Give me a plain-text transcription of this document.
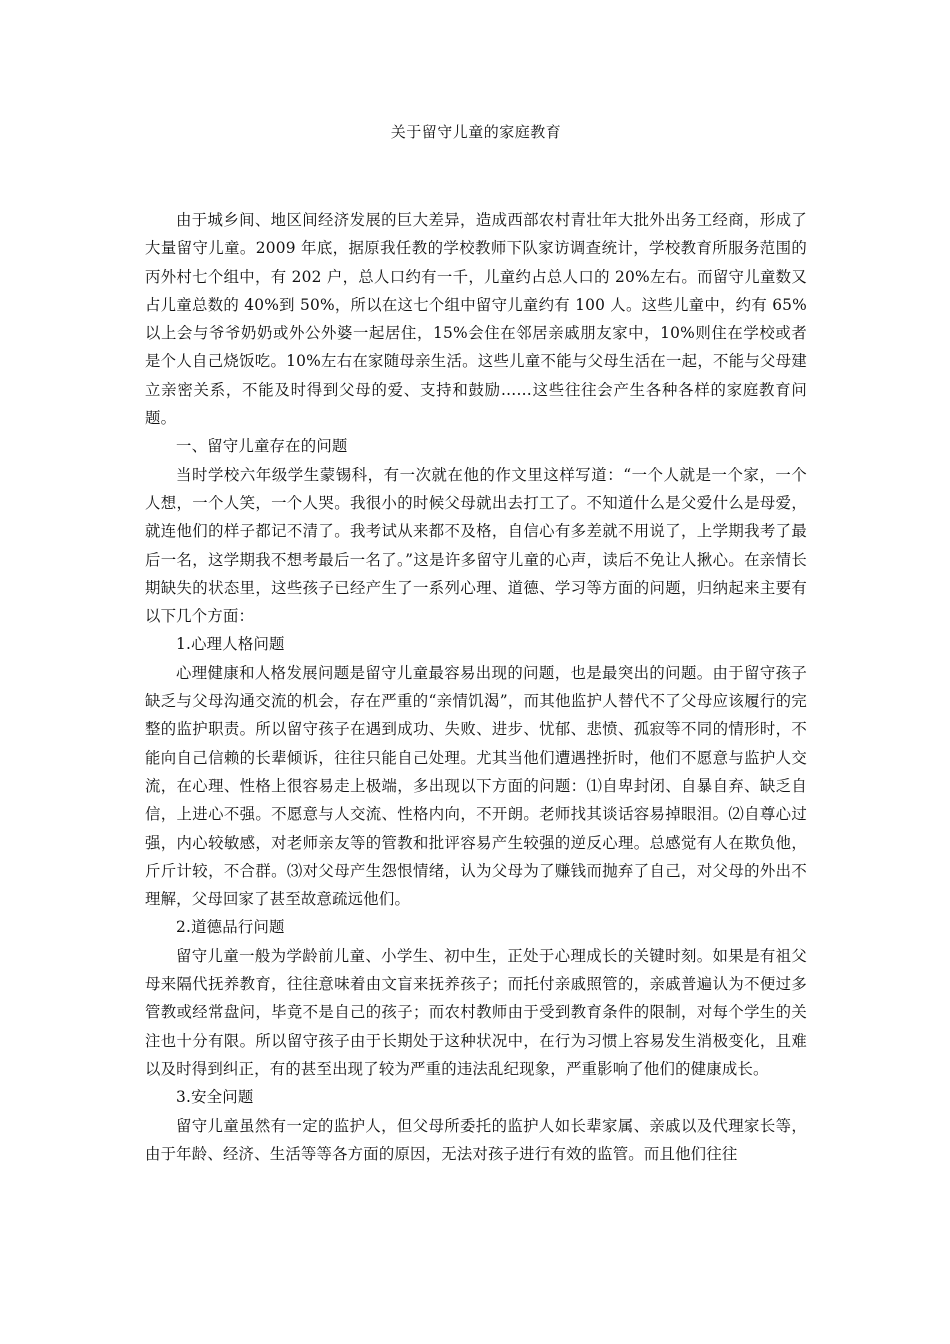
关于留守儿童的家庭教育

由于城乡间、地区间经济发展的巨大差异，造成西部农村青壮年大批外出务工经商，形成了大量留守儿童。2009 年底，据原我任教的学校教师下队家访调查统计，学校教育所服务范围的丙外村七个组中，有 202 户，总人口约有一千，儿童约占总人口的 20%左右。而留守儿童数又占儿童总数的 40%到 50%，所以在这七个组中留守儿童约有 100 人。这些儿童中，约有 65%以上会与爷爷奶奶或外公外婆一起居住，15%会住在邻居亲戚朋友家中，10%则住在学校或者是个人自己烧饭吃。10%左右在家随母亲生活。这些儿童不能与父母生活在一起，不能与父母建立亲密关系，不能及时得到父母的爱、支持和鼓励……这些往往会产生各种各样的家庭教育问题。

一、留守儿童存在的问题

当时学校六年级学生蒙锡科，有一次就在他的作文里这样写道：“一个人就是一个家，一个人想，一个人笑，一个人哭。我很小的时候父母就出去打工了。不知道什么是父爱什么是母爱，就连他们的样子都记不清了。我考试从来都不及格，自信心有多差就不用说了，上学期我考了最后一名，这学期我不想考最后一名了。”这是许多留守儿童的心声，读后不免让人揪心。在亲情长期缺失的状态里，这些孩子已经产生了一系列心理、道德、学习等方面的问题，归纳起来主要有以下几个方面：

1.心理人格问题

心理健康和人格发展问题是留守儿童最容易出现的问题，也是最突出的问题。由于留守孩子缺乏与父母沟通交流的机会，存在严重的“亲情饥渴”，而其他监护人替代不了父母应该履行的完整的监护职责。所以留守孩子在遇到成功、失败、进步、忧郁、悲愤、孤寂等不同的情形时，不能向自己信赖的长辈倾诉，往往只能自己处理。尤其当他们遭遇挫折时，他们不愿意与监护人交流，在心理、性格上很容易走上极端，多出现以下方面的问题：⑴自卑封闭、自暴自弃、缺乏自信，上进心不强。不愿意与人交流、性格内向，不开朗。老师找其谈话容易掉眼泪。⑵自尊心过强，内心较敏感，对老师亲友等的管教和批评容易产生较强的逆反心理。总感觉有人在欺负他，斤斤计较，不合群。⑶对父母产生怨恨情绪，认为父母为了赚钱而抛弃了自己，对父母的外出不理解，父母回家了甚至故意疏远他们。

2.道德品行问题

留守儿童一般为学龄前儿童、小学生、初中生，正处于心理成长的关键时刻。如果是有祖父母来隔代抚养教育，往往意味着由文盲来抚养孩子；而托付亲戚照管的，亲戚普遍认为不便过多管教或经常盘问，毕竟不是自己的孩子；而农村教师由于受到教育条件的限制，对每个学生的关注也十分有限。所以留守孩子由于长期处于这种状况中，在行为习惯上容易发生消极变化，且难以及时得到纠正，有的甚至出现了较为严重的违法乱纪现象，严重影响了他们的健康成长。

3.安全问题

留守儿童虽然有一定的监护人，但父母所委托的监护人如长辈家属、亲戚以及代理家长等，由于年龄、经济、生活等等各方面的原因，无法对孩子进行有效的监管。而且他们往往
